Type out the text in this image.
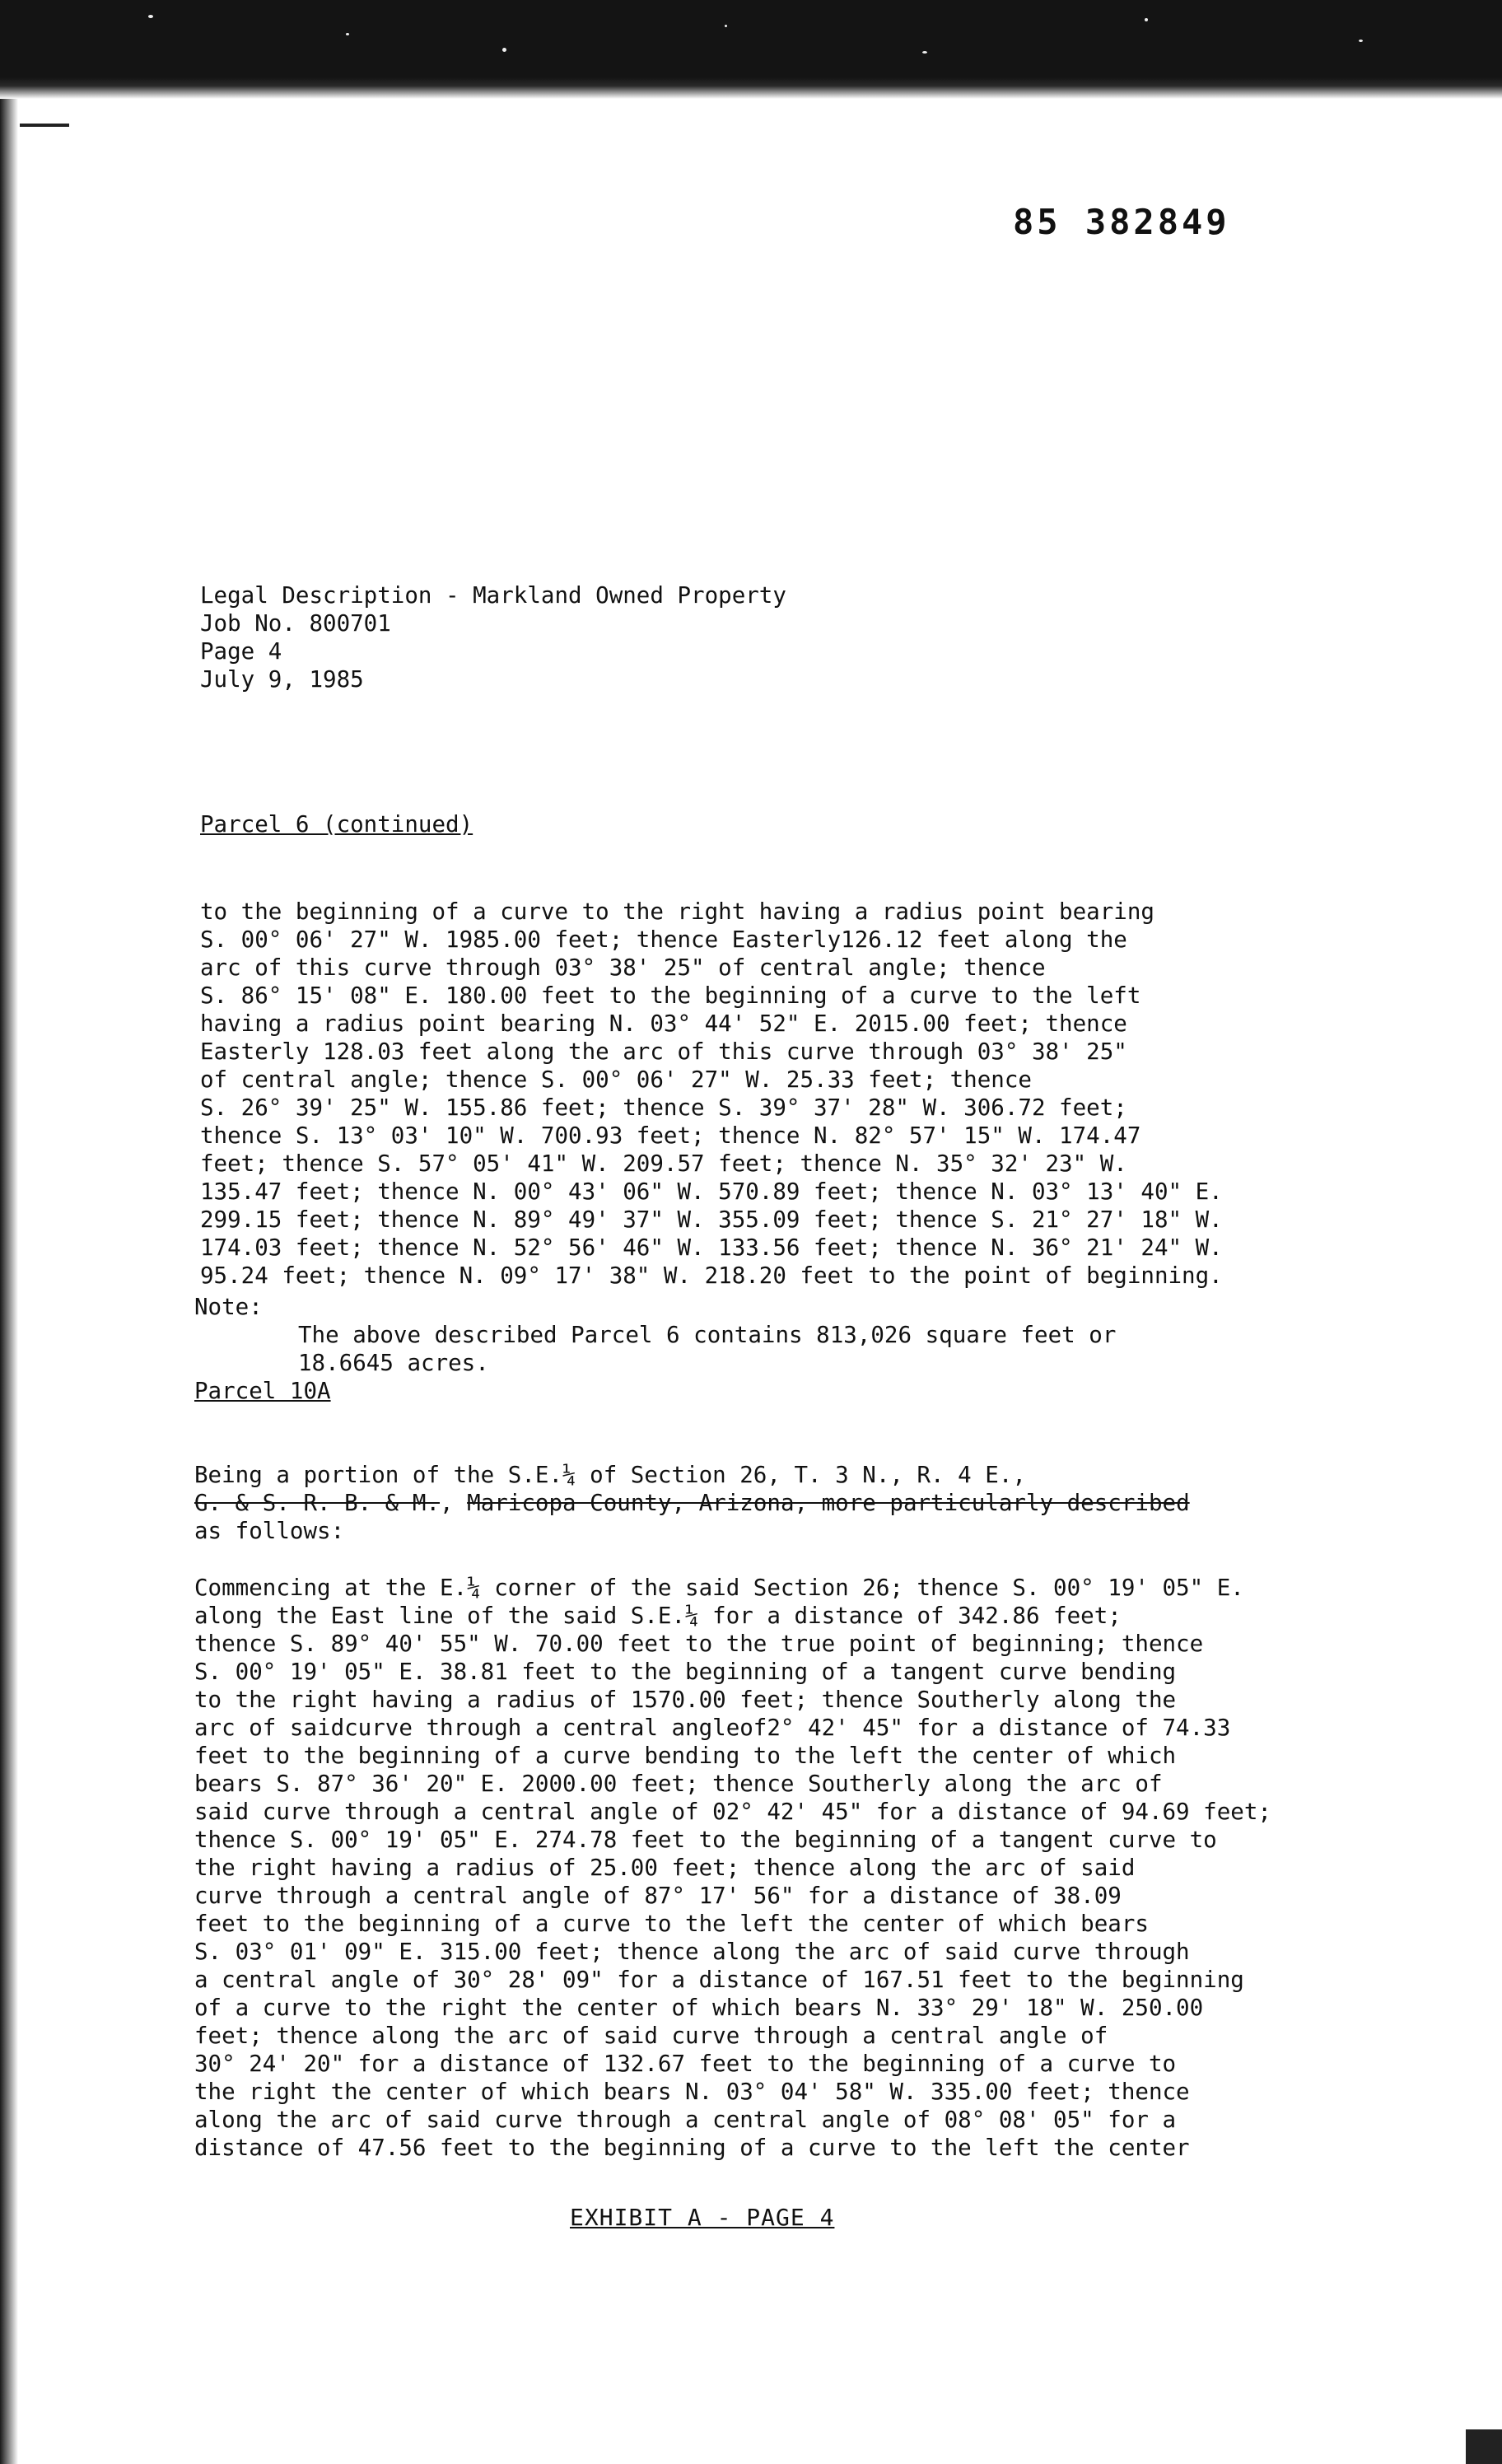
85 382849

Legal Description - Markland Owned Property
Job No. 800701
Page 4
July 9, 1985
Parcel 6 (continued)

to the beginning of a curve to the right having a radius point bearing
S. 00° 06' 27" W. 1985.00 feet; thence Easterly126.12 feet along the
arc of this curve through 03° 38' 25" of central angle; thence
S. 86° 15' 08" E. 180.00 feet to the beginning of a curve to the left
having a radius point bearing N. 03° 44' 52" E. 2015.00 feet; thence
Easterly 128.03 feet along the arc of this curve through 03° 38' 25"
of central angle; thence S. 00° 06' 27" W. 25.33 feet; thence
S. 26° 39' 25" W. 155.86 feet; thence S. 39° 37' 28" W. 306.72 feet;
thence S. 13° 03' 10" W. 700.93 feet; thence N. 82° 57' 15" W. 174.47
feet; thence S. 57° 05' 41" W. 209.57 feet; thence N. 35° 32' 23" W.
135.47 feet; thence N. 00° 43' 06" W. 570.89 feet; thence N. 03° 13' 40" E.
299.15 feet; thence N. 89° 49' 37" W. 355.09 feet; thence S. 21° 27' 18" W.
174.03 feet; thence N. 52° 56' 46" W. 133.56 feet; thence N. 36° 21' 24" W.
95.24 feet; thence N. 09° 17' 38" W. 218.20 feet to the point of beginning.
Note:

The above described Parcel 6 contains 813,026 square feet or
18.6645 acres.
Parcel 10A

Being a portion of the S.E.¼ of Section 26, T. 3 N., R. 4 E.,
G. & S. R. B. & M., Maricopa County, Arizona, more particularly described
as follows:

Commencing at the E.¼ corner of the said Section 26; thence S. 00° 19' 05" E.
along the East line of the said S.E.¼ for a distance of 342.86 feet;
thence S. 89° 40' 55" W. 70.00 feet to the true point of beginning; thence
S. 00° 19' 05" E. 38.81 feet to the beginning of a tangent curve bending
to the right having a radius of 1570.00 feet; thence Southerly along the
arc of saidcurve through a central angleof2° 42' 45" for a distance of 74.33
feet to the beginning of a curve bending to the left the center of which
bears S. 87° 36' 20" E. 2000.00 feet; thence Southerly along the arc of
said curve through a central angle of 02° 42' 45" for a distance of 94.69 feet;
thence S. 00° 19' 05" E. 274.78 feet to the beginning of a tangent curve to
the right having a radius of 25.00 feet; thence along the arc of said
curve through a central angle of 87° 17' 56" for a distance of 38.09
feet to the beginning of a curve to the left the center of which bears
S. 03° 01' 09" E. 315.00 feet; thence along the arc of said curve through
a central angle of 30° 28' 09" for a distance of 167.51 feet to the beginning
of a curve to the right the center of which bears N. 33° 29' 18" W. 250.00
feet; thence along the arc of said curve through a central angle of
30° 24' 20" for a distance of 132.67 feet to the beginning of a curve to
the right the center of which bears N. 03° 04' 58" W. 335.00 feet; thence
along the arc of said curve through a central angle of 08° 08' 05" for a
distance of 47.56 feet to the beginning of a curve to the left the center
EXHIBIT A - PAGE 4
